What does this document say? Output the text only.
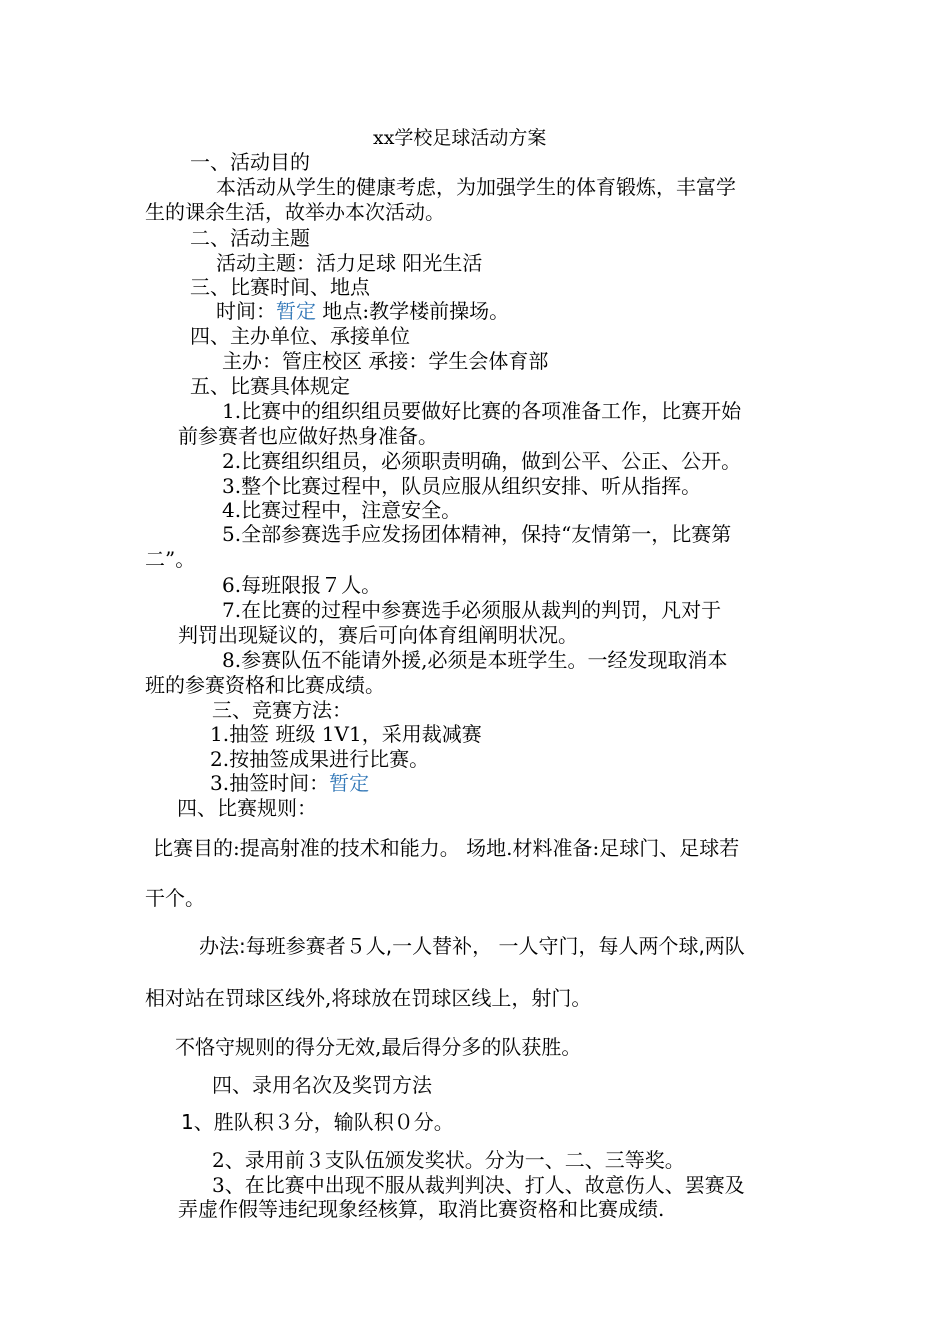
xx学校足球活动方案

一、活动目的

本活动从学生的健康考虑，为加强学生的体育锻炼，丰富学

生的课余生活，故举办本次活动。

二、活动主题

活动主题：活力足球 阳光生活

三、比赛时间、地点

时间：暂定 地点:教学楼前操场。

四、主办单位、承接单位

主办：管庄校区 承接：学生会体育部

五、比赛具体规定

1.比赛中的组织组员要做好比赛的各项准备工作，比赛开始

前参赛者也应做好热身准备。

2.比赛组织组员，必须职责明确，做到公平、公正、公开。

3.整个比赛过程中，队员应服从组织安排、听从指挥。

4.比赛过程中，注意安全。

5.全部参赛选手应发扬团体精神，保持“友情第一，比赛第

二”。

6.每班限报７人。

7.在比赛的过程中参赛选手必须服从裁判的判罚，凡对于

判罚出现疑议的，赛后可向体育组阐明状况。

8.参赛队伍不能请外援,必须是本班学生。一经发现取消本

班的参赛资格和比赛成绩。

三、竞赛方法：

1.抽签 班级 1V1，采用裁减赛

2.按抽签成果进行比赛。

3.抽签时间：暂定

四、比赛规则：

比赛目的:提高射准的技术和能力。 场地.材料准备:足球门、足球若

干个。

办法:每班参赛者５人,一人替补， 一人守门，每人两个球,两队

相对站在罚球区线外,将球放在罚球区线上，射门。

不恪守规则的得分无效,最后得分多的队获胜。

四、录用名次及奖罚方法

1、胜队积３分，输队积０分。

2、录用前３支队伍颁发奖状。分为一、二、三等奖。

3、在比赛中出现不服从裁判判决、打人、故意伤人、罢赛及

弄虚作假等违纪现象经核算，取消比赛资格和比赛成绩.
